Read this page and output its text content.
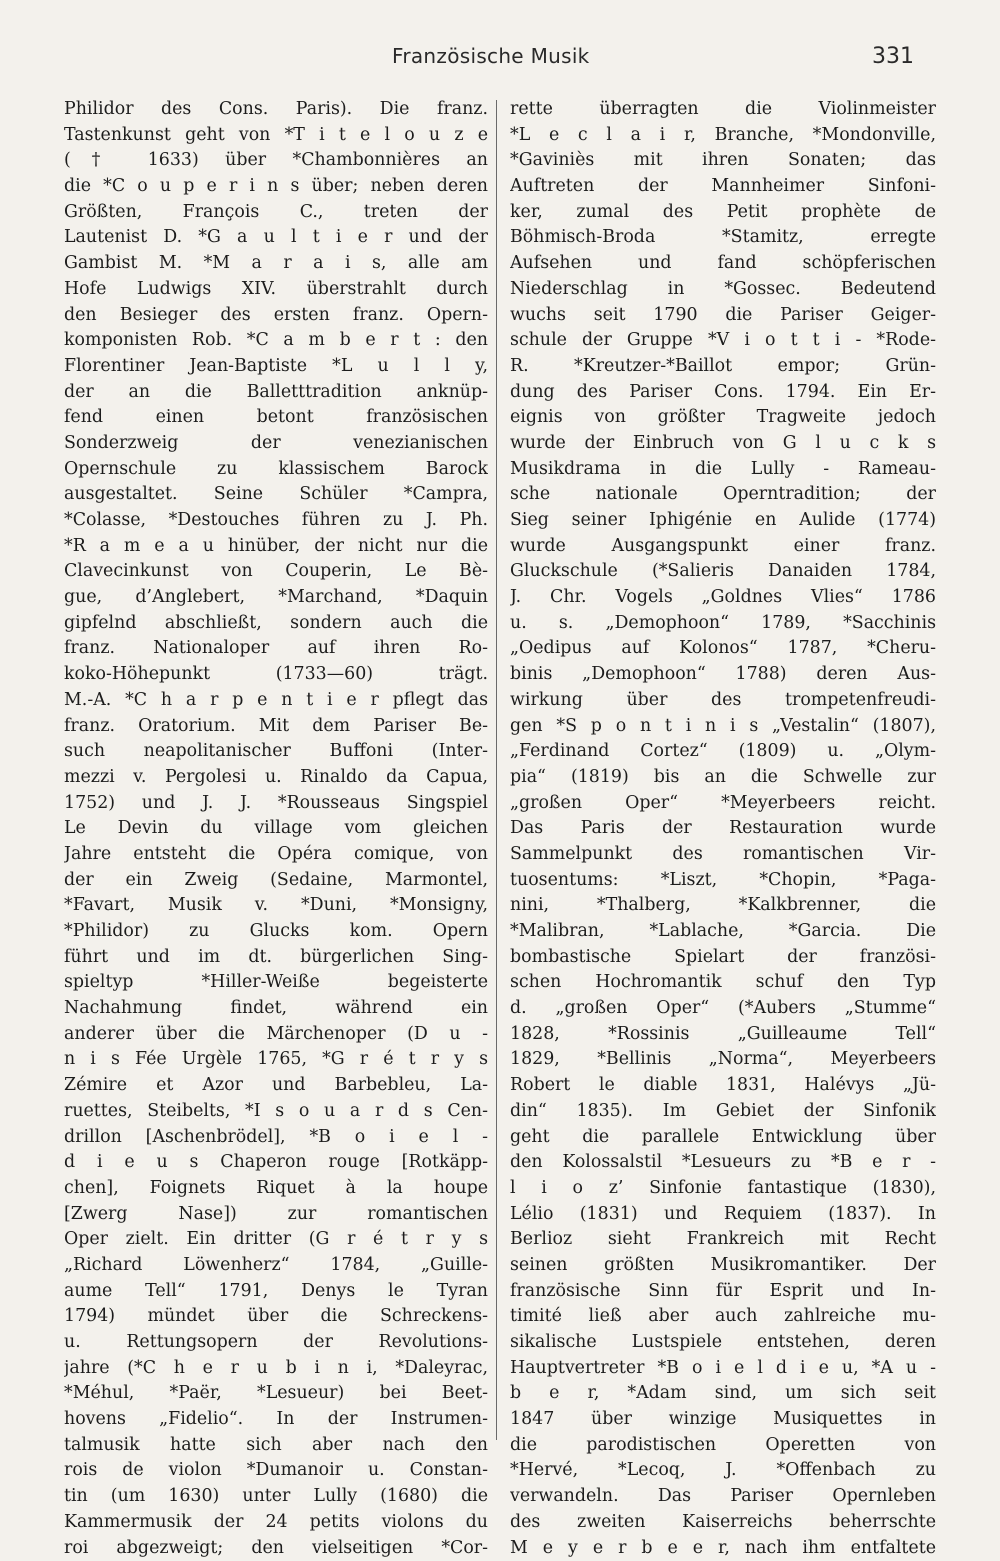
Französische Musik	331
Philidor des Cons. Paris). Die franz.
Tastenkunst geht von *T i t e l o u z e
(† 1633) über *Chambonnières an
die *C o u p e r i n s über; neben deren
Größten, François C., treten der
Lautenist D. *G a u l t i e r und der
Gambist M. *M a r a i s, alle am
Hofe Ludwigs XIV. überstrahlt durch
den Besieger des ersten franz. Opern-
komponisten Rob. *C a m b e r t : den
Florentiner Jean-Baptiste *L u l l y,
der an die Balletttradition anknüp-
fend einen betont französischen
Sonderzweig der venezianischen
Opernschule zu klassischem Barock
ausgestaltet. Seine Schüler *Campra,
*Colasse, *Destouches führen zu J. Ph.
*R a m e a u hinüber, der nicht nur die
Clavecinkunst von Couperin, Le Bè-
gue, d’Anglebert, *Marchand, *Daquin
gipfelnd abschließt, sondern auch die
franz. Nationaloper auf ihren Ro-
koko-Höhepunkt (1733—60) trägt.
M.-A. *C h a r p e n t i e r pflegt das
franz. Oratorium. Mit dem Pariser Be-
such neapolitanischer Buffoni (Inter-
mezzi v. Pergolesi u. Rinaldo da Capua,
1752) und J. J. *Rousseaus Singspiel
Le Devin du village vom gleichen
Jahre entsteht die Opéra comique, von
der ein Zweig (Sedaine, Marmontel,
*Favart, Musik v. *Duni, *Monsigny,
*Philidor) zu Glucks kom. Opern
führt und im dt. bürgerlichen Sing-
spieltyp *Hiller-Weiße begeisterte
Nachahmung findet, während ein
anderer über die Märchenoper (D u -
n i s Fée Urgèle 1765, *G r é t r y s
Zémire et Azor und Barbebleu, La-
ruettes, Steibelts, *I s o u a r d s Cen-
drillon [Aschenbrödel], *B o i e l -
d i e u s Chaperon rouge [Rotkäpp-
chen], Foignets Riquet à la houpe
[Zwerg Nase]) zur romantischen
Oper zielt. Ein dritter (G r é t r y s
„Richard Löwenherz“ 1784, „Guille-
aume Tell“ 1791, Denys le Tyran
1794) mündet über die Schreckens-
u. Rettungsopern der Revolutions-
jahre (*C h e r u b i n i, *Daleyrac,
*Méhul, *Paër, *Lesueur) bei Beet-
hovens „Fidelio“. In der Instrumen-
talmusik hatte sich aber nach den
rois de violon *Dumanoir u. Constan-
tin (um 1630) unter Lully (1680) die
Kammermusik der 24 petits violons du
roi abgezweigt; den vielseitigen *Cor-
rette überragten die Violinmeister
*L e c l a i r, Branche, *Mondonville,
*Gaviniès mit ihren Sonaten; das
Auftreten der Mannheimer Sinfoni-
ker, zumal des Petit prophète de
Böhmisch-Broda *Stamitz, erregte
Aufsehen und fand schöpferischen
Niederschlag in *Gossec. Bedeutend
wuchs seit 1790 die Pariser Geiger-
schule der Gruppe *V i o t t i - *Rode-
R. *Kreutzer-*Baillot empor; Grün-
dung des Pariser Cons. 1794. Ein Er-
eignis von größter Tragweite jedoch
wurde der Einbruch von G l u c k s
Musikdrama in die Lully - Rameau-
sche nationale Operntradition; der
Sieg seiner Iphigénie en Aulide (1774)
wurde Ausgangspunkt einer franz.
Gluckschule (*Salieris Danaiden 1784,
J. Chr. Vogels „Goldnes Vlies“ 1786
u. s. „Demophoon“ 1789, *Sacchinis
„Oedipus auf Kolonos“ 1787, *Cheru-
binis „Demophoon“ 1788) deren Aus-
wirkung über des trompetenfreudi-
gen *S p o n t i n i s „Vestalin“ (1807),
„Ferdinand Cortez“ (1809) u. „Olym-
pia“ (1819) bis an die Schwelle zur
„großen Oper“ *Meyerbeers reicht.
Das Paris der Restauration wurde
Sammelpunkt des romantischen Vir-
tuosentums: *Liszt, *Chopin, *Paga-
nini, *Thalberg, *Kalkbrenner, die
*Malibran, *Lablache, *Garcia. Die
bombastische Spielart der französi-
schen Hochromantik schuf den Typ
d. „großen Oper“ (*Aubers „Stumme“
1828, *Rossinis „Guilleaume Tell“
1829, *Bellinis „Norma“, Meyerbeers
Robert le diable 1831, Halévys „Jü-
din“ 1835). Im Gebiet der Sinfonik
geht die parallele Entwicklung über
den Kolossalstil *Lesueurs zu *B e r -
l i o z’ Sinfonie fantastique (1830),
Lélio (1831) und Requiem (1837). In
Berlioz sieht Frankreich mit Recht
seinen größten Musikromantiker. Der
französische Sinn für Esprit und In-
timité ließ aber auch zahlreiche mu-
sikalische Lustspiele entstehen, deren
Hauptvertreter *B o i e l d i e u, *A u -
b e r, *Adam sind, um sich seit
1847 über winzige Musiquettes in
die parodistischen Operetten von
*Hervé, *Lecoq, J. *Offenbach zu
verwandeln. Das Pariser Opernleben
des zweiten Kaiserreichs beherrschte
M e y e r b e e r, nach ihm entfaltete
